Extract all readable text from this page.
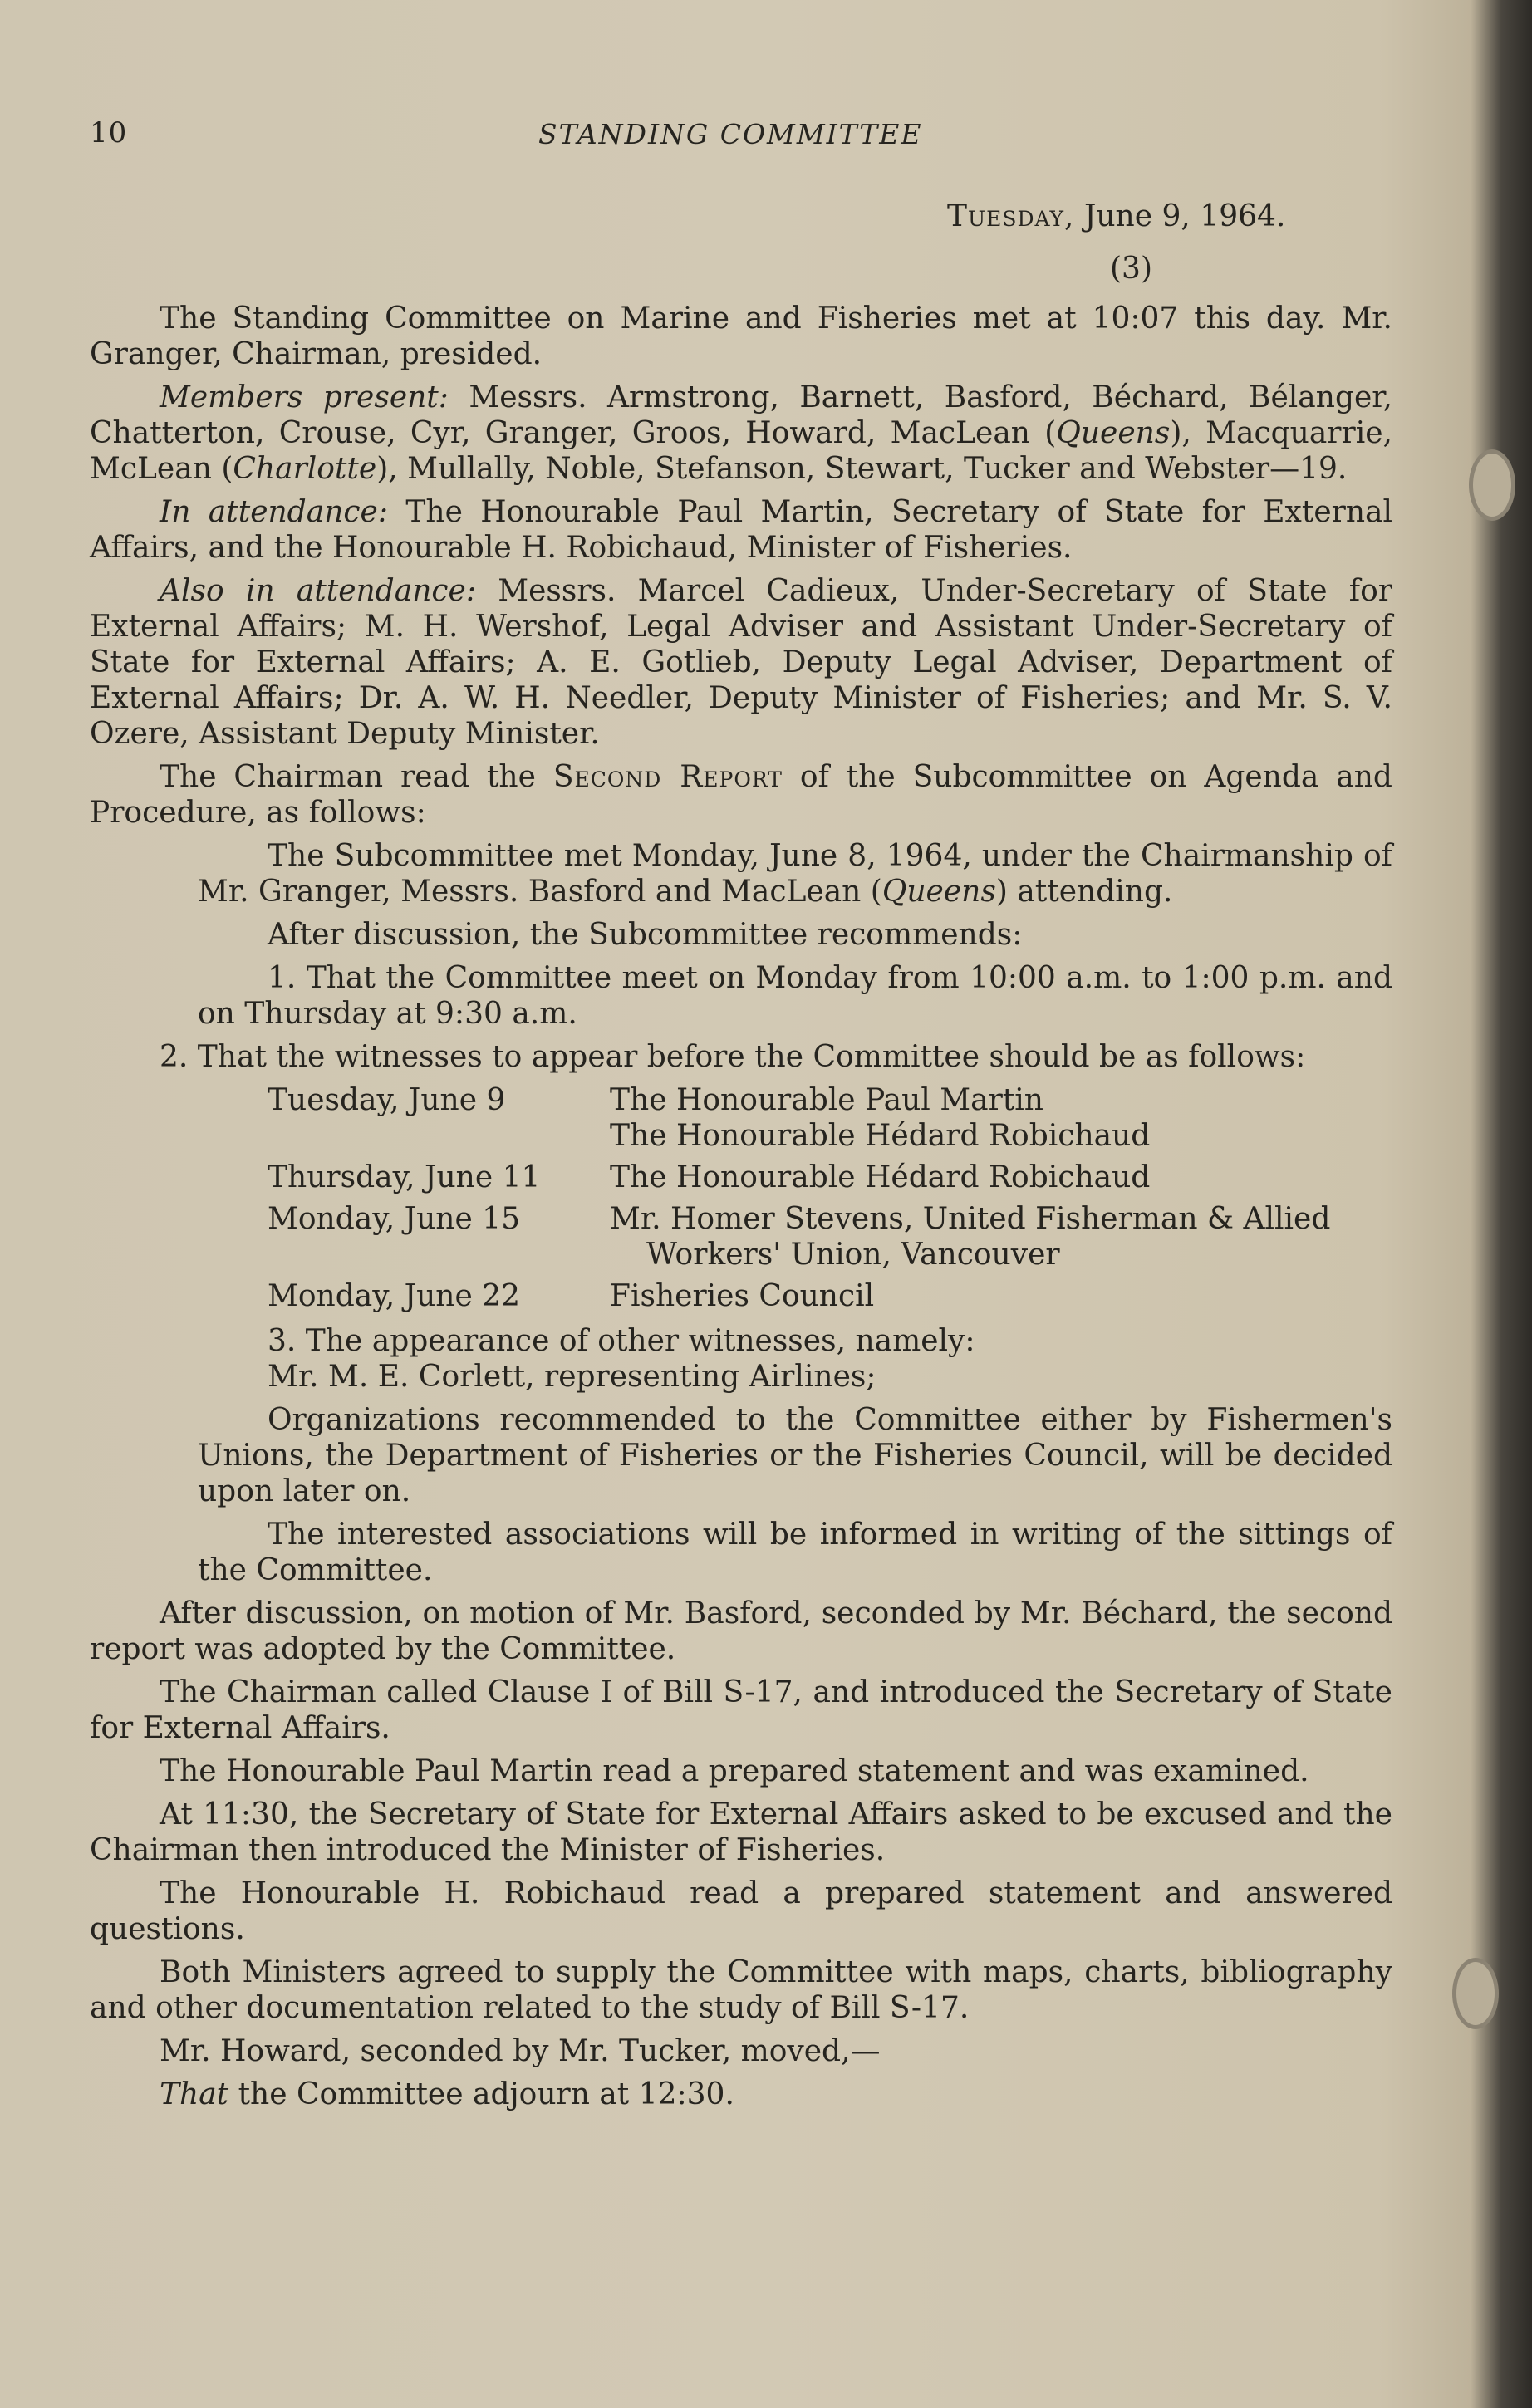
10	STANDING COMMITTEE
Tuesday, June 9, 1964.
(3)

The Standing Committee on Marine and Fisheries met at 10:07 this day. Mr. Granger, Chairman, presided.

Members present: Messrs. Armstrong, Barnett, Basford, Béchard, Bélanger, Chatterton, Crouse, Cyr, Granger, Groos, Howard, MacLean (Queens), Macquarrie, McLean (Charlotte), Mullally, Noble, Stefanson, Stewart, Tucker and Webster—19.

In attendance: The Honourable Paul Martin, Secretary of State for External Affairs, and the Honourable H. Robichaud, Minister of Fisheries.

Also in attendance: Messrs. Marcel Cadieux, Under-Secretary of State for External Affairs; M. H. Wershof, Legal Adviser and Assistant Under-Secretary of State for External Affairs; A. E. Gotlieb, Deputy Legal Adviser, Department of External Affairs; Dr. A. W. H. Needler, Deputy Minister of Fisheries; and Mr. S. V. Ozere, Assistant Deputy Minister.

The Chairman read the Second Report of the Subcommittee on Agenda and Procedure, as follows:

The Subcommittee met Monday, June 8, 1964, under the Chairmanship of Mr. Granger, Messrs. Basford and MacLean (Queens) attending.

After discussion, the Subcommittee recommends:

1. That the Committee meet on Monday from 10:00 a.m. to 1:00 p.m. and on Thursday at 9:30 a.m.

2. That the witnesses to appear before the Committee should be as follows:

Tuesday, June 9	The Honourable Paul Martin
The Honourable Hédard Robichaud

Thursday, June 11	The Honourable Hédard Robichaud

Monday, June 15	Mr. Homer Stevens, United Fisherman & Allied
Workers' Union, Vancouver

Monday, June 22	Fisheries Council

3. The appearance of other witnesses, namely:

Mr. M. E. Corlett, representing Airlines;

Organizations recommended to the Committee either by Fishermen's Unions, the Department of Fisheries or the Fisheries Council, will be decided upon later on.

The interested associations will be informed in writing of the sittings of the Committee.

After discussion, on motion of Mr. Basford, seconded by Mr. Béchard, the second report was adopted by the Committee.

The Chairman called Clause I of Bill S-17, and introduced the Secretary of State for External Affairs.

The Honourable Paul Martin read a prepared statement and was examined.

At 11:30, the Secretary of State for External Affairs asked to be excused and the Chairman then introduced the Minister of Fisheries.

The Honourable H. Robichaud read a prepared statement and answered questions.

Both Ministers agreed to supply the Committee with maps, charts, bibliography and other documentation related to the study of Bill S-17.

Mr. Howard, seconded by Mr. Tucker, moved,—

That the Committee adjourn at 12:30.
